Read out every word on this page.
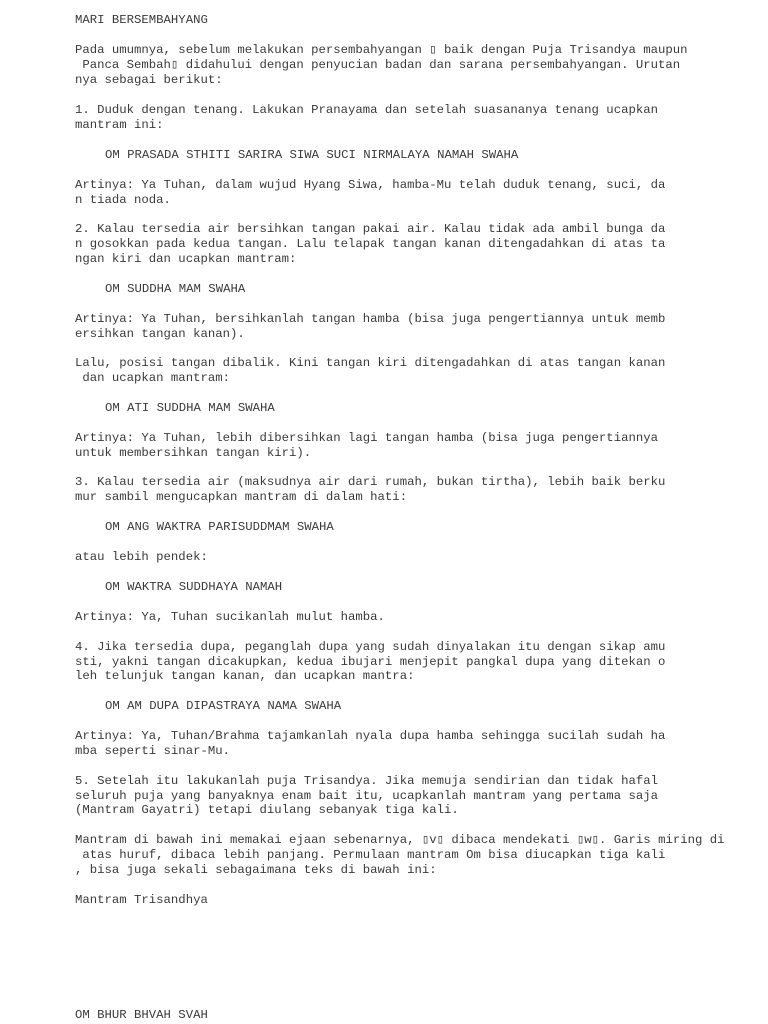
MARI BERSEMBAHYANG
Pada umumnya, sebelum melakukan persembahyangan ▯ baik dengan Puja Trisandya maupun
Panca Sembah▯ didahului dengan penyucian badan dan sarana persembahyangan. Urutan
nya sebagai berikut:
1. Duduk dengan tenang. Lakukan Pranayama dan setelah suasananya tenang ucapkan
mantram ini:
OM PRASADA STHITI SARIRA SIWA SUCI NIRMALAYA NAMAH SWAHA
Artinya: Ya Tuhan, dalam wujud Hyang Siwa, hamba-Mu telah duduk tenang, suci, da
n tiada noda.
2. Kalau tersedia air bersihkan tangan pakai air. Kalau tidak ada ambil bunga da
n gosokkan pada kedua tangan. Lalu telapak tangan kanan ditengadahkan di atas ta
ngan kiri dan ucapkan mantram:
OM SUDDHA MAM SWAHA
Artinya: Ya Tuhan, bersihkanlah tangan hamba (bisa juga pengertiannya untuk memb
ersihkan tangan kanan).
Lalu, posisi tangan dibalik. Kini tangan kiri ditengadahkan di atas tangan kanan
dan ucapkan mantram:
OM ATI SUDDHA MAM SWAHA
Artinya: Ya Tuhan, lebih dibersihkan lagi tangan hamba (bisa juga pengertiannya
untuk membersihkan tangan kiri).
3. Kalau tersedia air (maksudnya air dari rumah, bukan tirtha), lebih baik berku
mur sambil mengucapkan mantram di dalam hati:
OM ANG WAKTRA PARISUDDMAM SWAHA
atau lebih pendek:
OM WAKTRA SUDDHAYA NAMAH
Artinya: Ya, Tuhan sucikanlah mulut hamba.
4. Jika tersedia dupa, peganglah dupa yang sudah dinyalakan itu dengan sikap amu
sti, yakni tangan dicakupkan, kedua ibujari menjepit pangkal dupa yang ditekan o
leh telunjuk tangan kanan, dan ucapkan mantra:
OM AM DUPA DIPASTRAYA NAMA SWAHA
Artinya: Ya, Tuhan/Brahma tajamkanlah nyala dupa hamba sehingga sucilah sudah ha
mba seperti sinar-Mu.
5. Setelah itu lakukanlah puja Trisandya. Jika memuja sendirian dan tidak hafal
seluruh puja yang banyaknya enam bait itu, ucapkanlah mantram yang pertama saja
(Mantram Gayatri) tetapi diulang sebanyak tiga kali.
Mantram di bawah ini memakai ejaan sebenarnya, ▯v▯ dibaca mendekati ▯w▯. Garis miring di
atas huruf, dibaca lebih panjang. Permulaan mantram Om bisa diucapkan tiga kali
, bisa juga sekali sebagaimana teks di bawah ini:
Mantram Trisandhya
OM BHUR BHVAH SVAH
